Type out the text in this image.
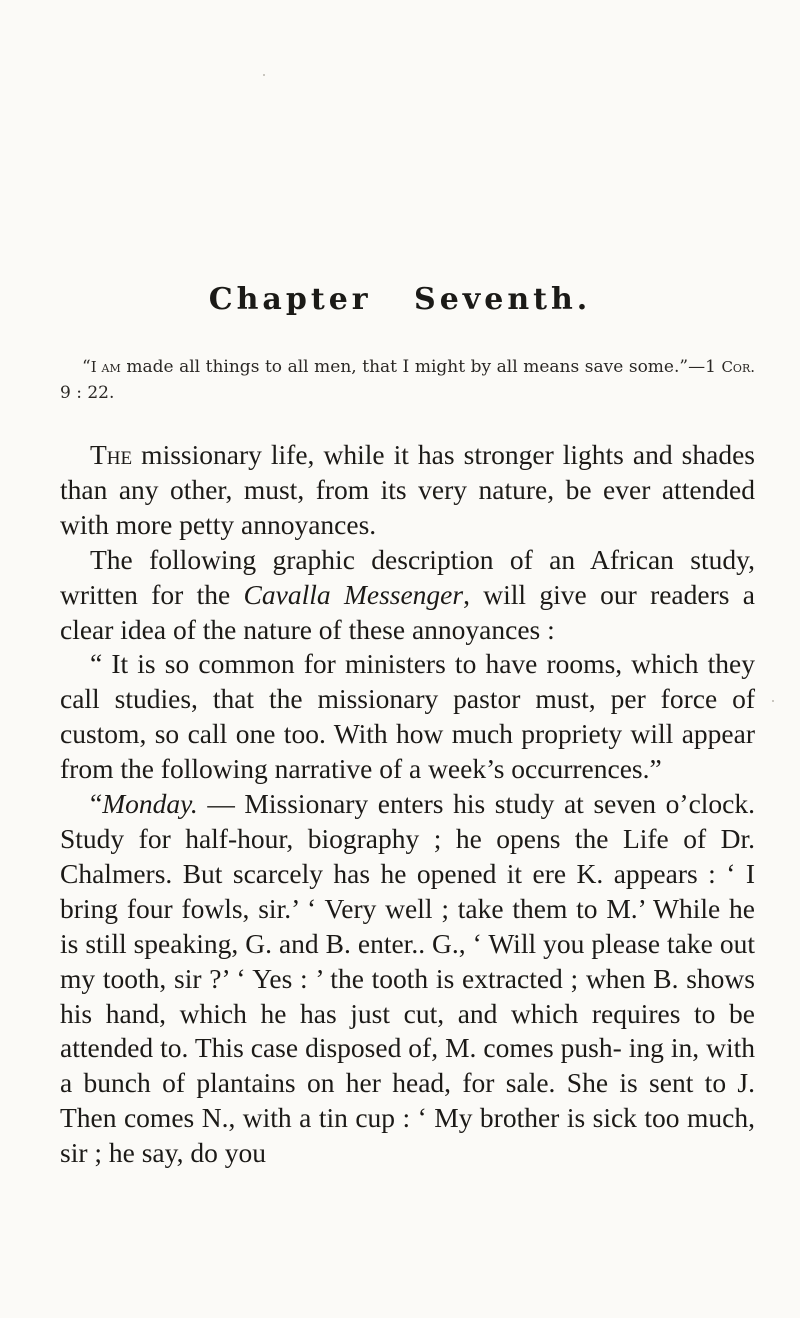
Chapter Seventh.
“I am made all things to all men, that I might by all means save some.”—1 Cor. 9 : 22.

The missionary life, while it has stronger lights and shades than any other, must, from its very nature, be ever attended with more petty annoyances.

The following graphic description of an African study, written for the Cavalla Messenger, will give our readers a clear idea of the nature of these annoyances :

“ It is so common for ministers to have rooms, which they call studies, that the missionary pastor must, per force of custom, so call one too. With how much propriety will appear from the following narrative of a week’s occurrences.”

“Monday. — Missionary enters his study at seven o’clock. Study for half-hour, biography ; he opens the Life of Dr. Chalmers. But scarcely has he opened it ere K. appears : ‘ I bring four fowls, sir.’ ‘ Very well ; take them to M.’ While he is still speaking, G. and B. enter.. G., ‘ Will you please take out my tooth, sir ?’ ‘ Yes : ’ the tooth is extracted ; when B. shows his hand, which he has just cut, and which requires to be attended to. This case disposed of, M. comes push- ing in, with a bunch of plantains on her head, for sale. She is sent to J. Then comes N., with a tin cup : ‘ My brother is sick too much, sir ; he say, do you
